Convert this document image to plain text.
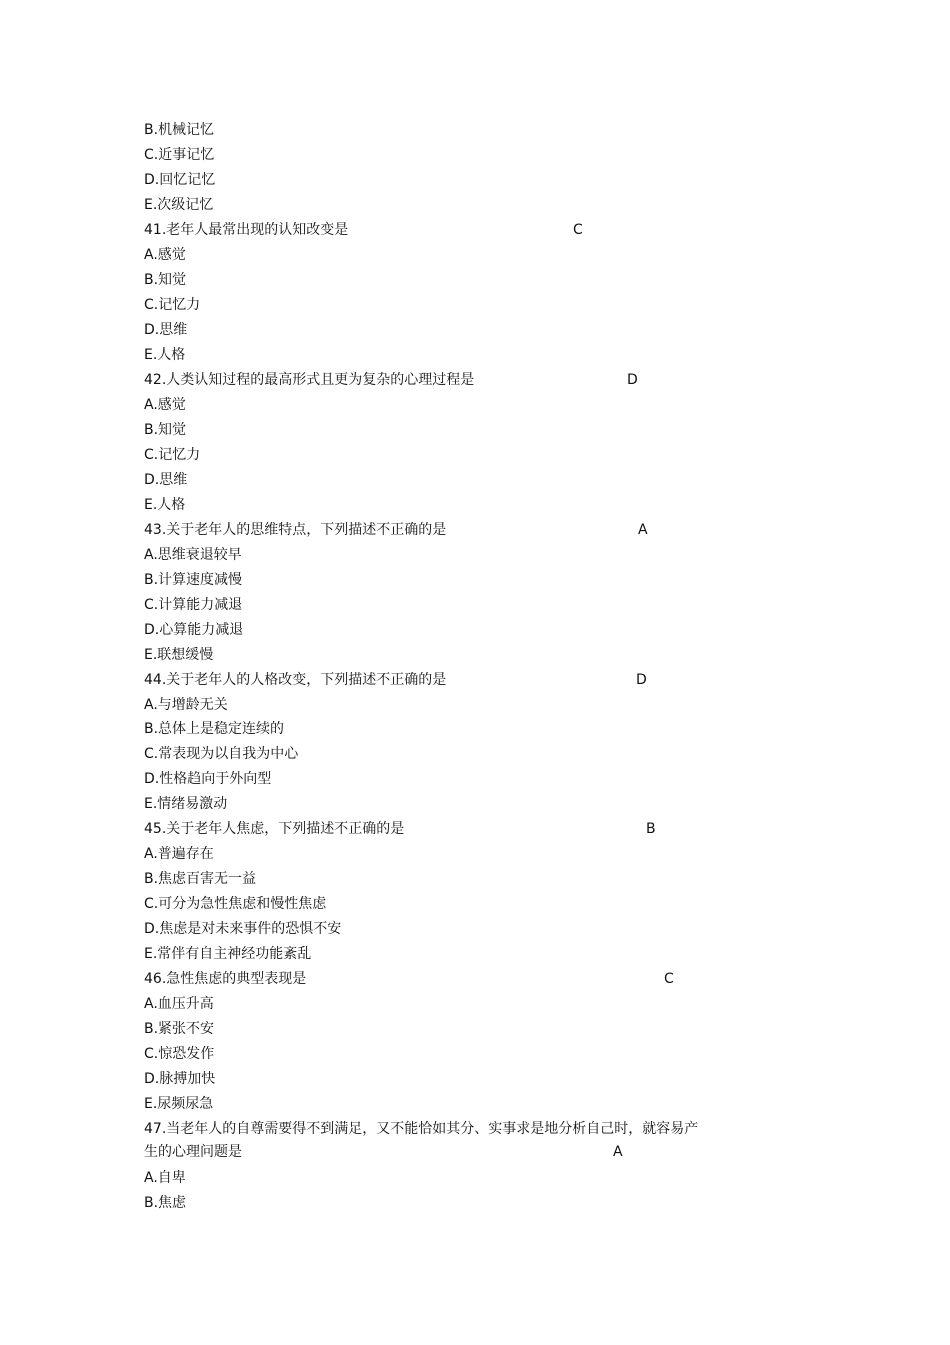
B.机械记忆
C.近事记忆
D.回忆记忆
E.次级记忆
41.老年人最常出现的认知改变是	C
A.感觉
B.知觉
C.记忆力
D.思维
E.人格
42.人类认知过程的最高形式且更为复杂的心理过程是	D
A.感觉
B.知觉
C.记忆力
D.思维
E.人格
43.关于老年人的思维特点，下列描述不正确的是	A
A.思维衰退较早
B.计算速度减慢
C.计算能力减退
D.心算能力减退
E.联想缓慢
44.关于老年人的人格改变，下列描述不正确的是	D
A.与增龄无关
B.总体上是稳定连续的
C.常表现为以自我为中心
D.性格趋向于外向型
E.情绪易激动
45.关于老年人焦虑，下列描述不正确的是	B
A.普遍存在
B.焦虑百害无一益
C.可分为急性焦虑和慢性焦虑
D.焦虑是对未来事件的恐惧不安
E.常伴有自主神经功能紊乱
46.急性焦虑的典型表现是	C
A.血压升高
B.紧张不安
C.惊恐发作
D.脉搏加快
E.尿频尿急
47.当老年人的自尊需要得不到满足，又不能恰如其分、实事求是地分析自己时，就容易产
生的心理问题是	A
A.自卑
B.焦虑
